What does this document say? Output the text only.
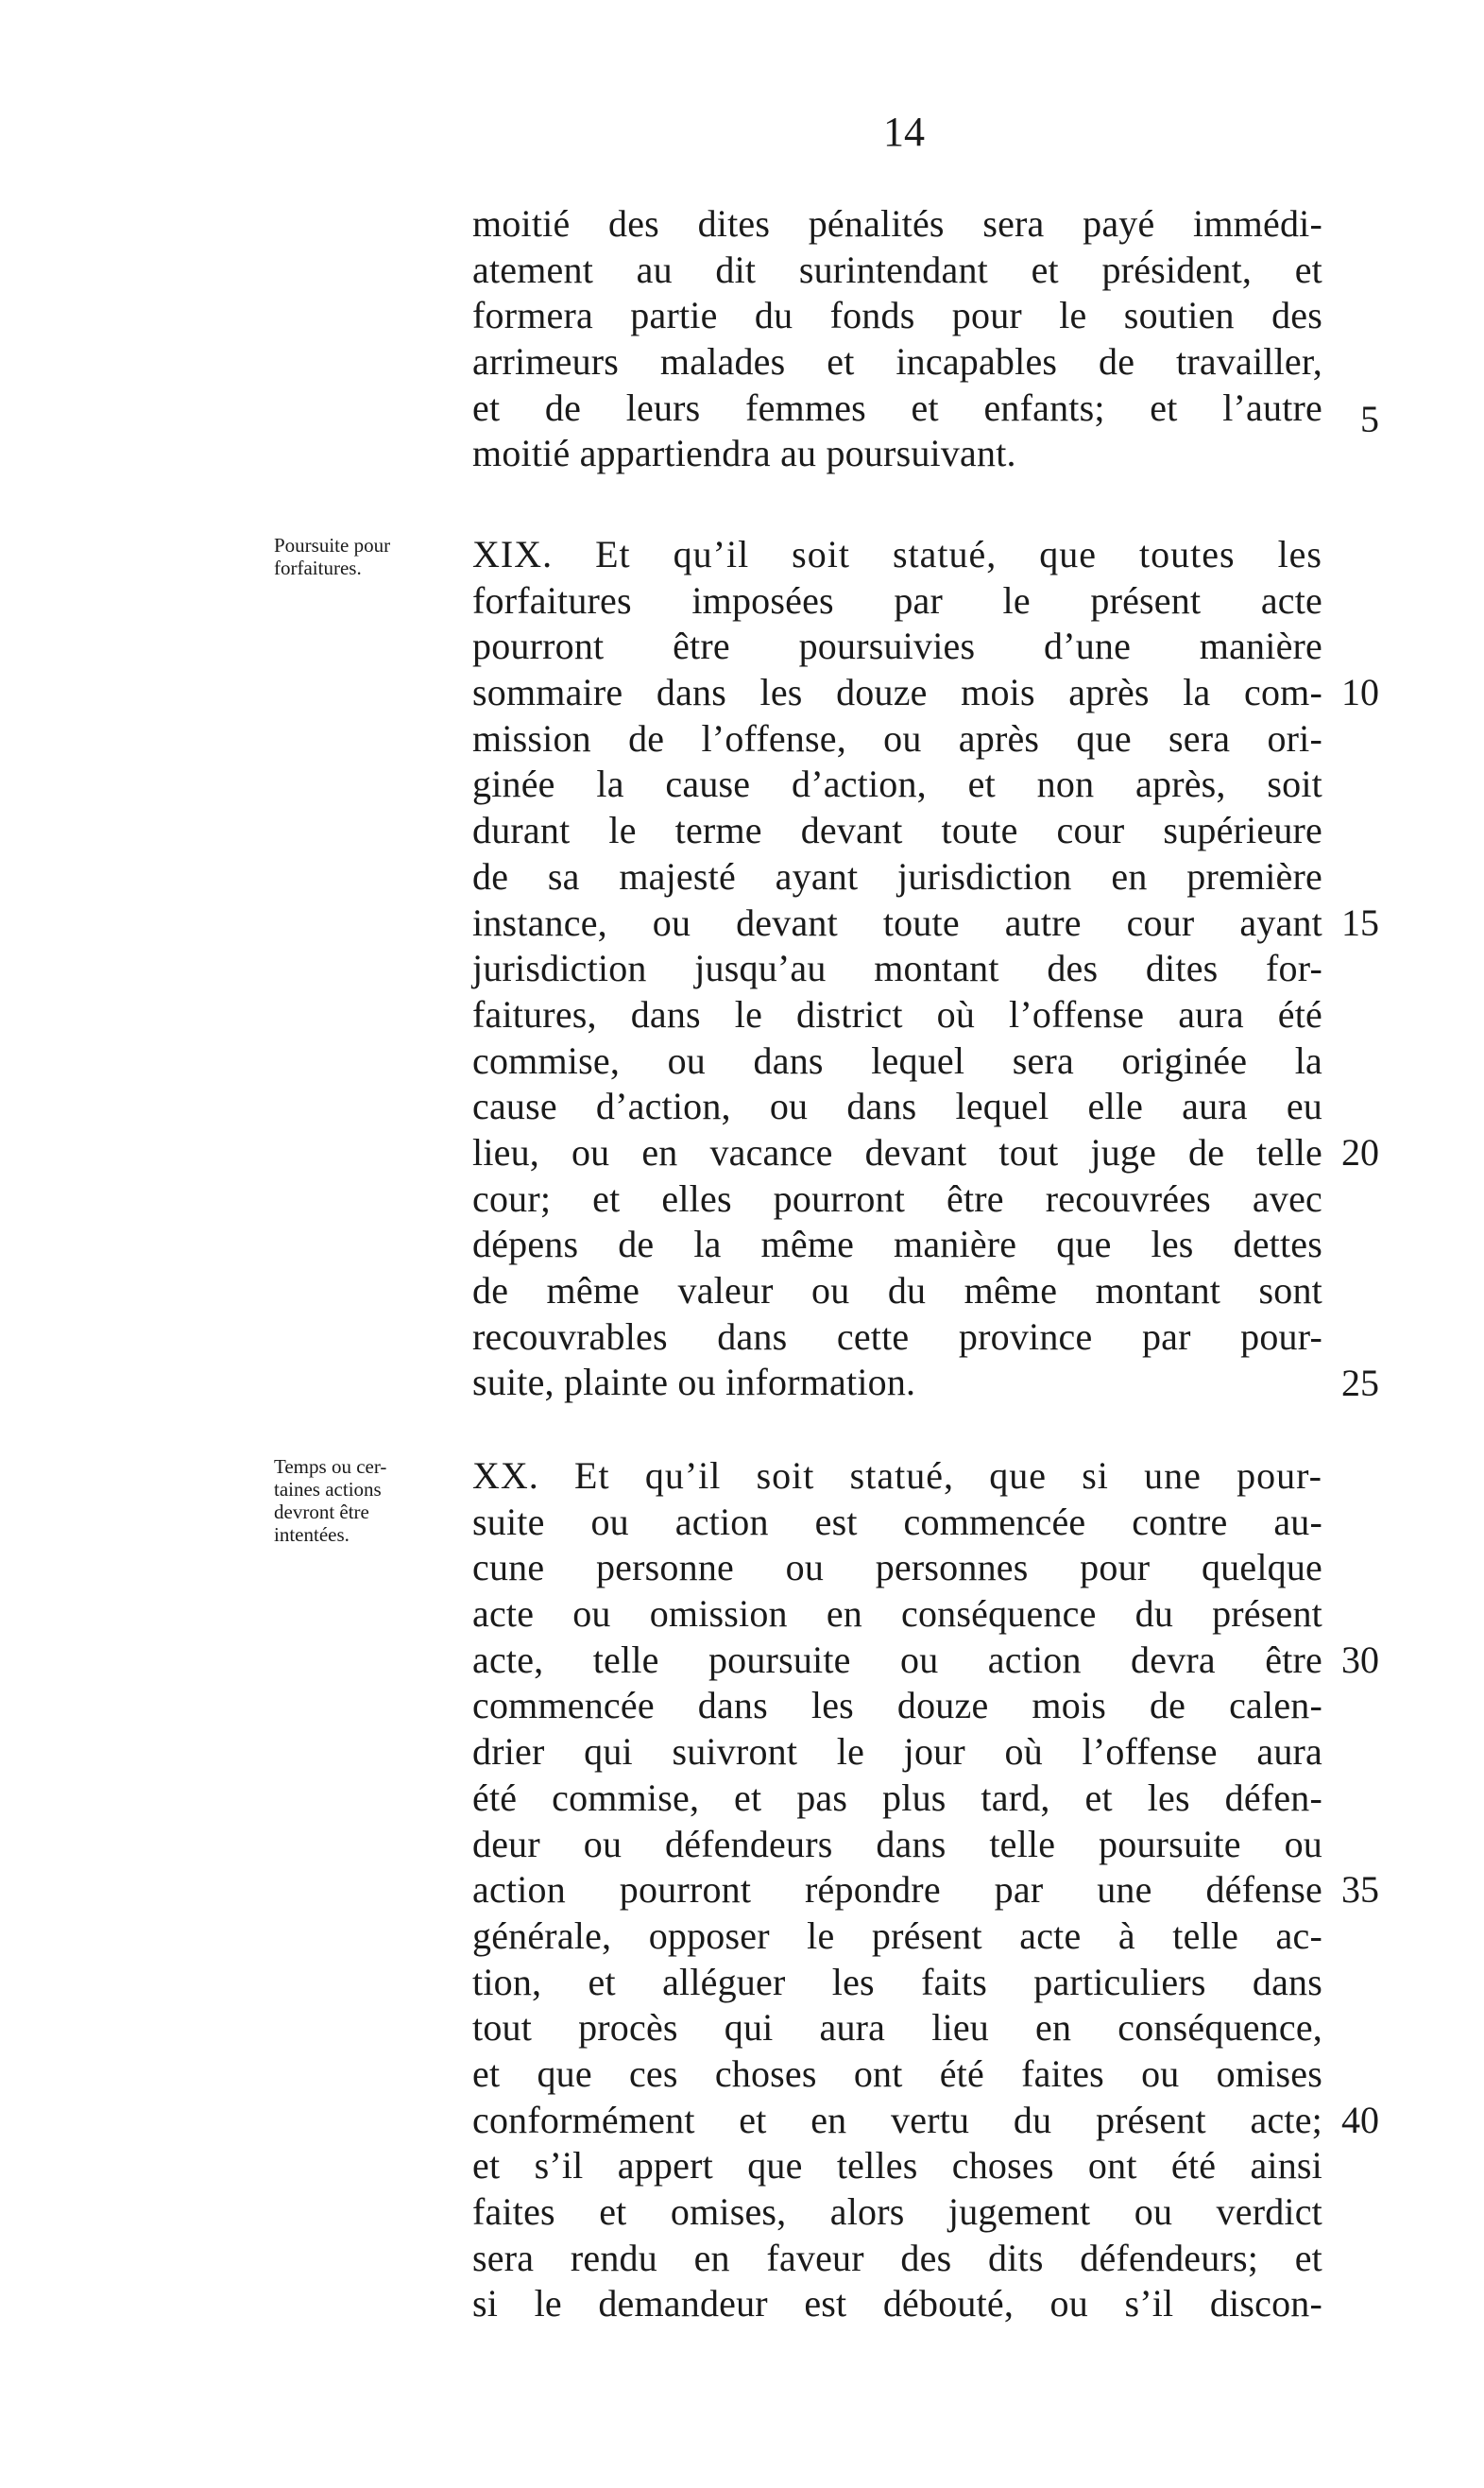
14
moitié des dites pénalités sera payé immédi-
atement au dit surintendant et président, et
formera partie du fonds pour le soutien des
arrimeurs malades et incapables de travailler,
et de leurs femmes et enfants; et l’autre
moitié appartiendra au poursuivant.
Poursuite pour
forfaitures.	XIX. Et qu’il soit statué, que toutes les
forfaitures imposées par le présent acte
pourront être poursuivies d’une manière
sommaire dans les douze mois après la com-
mission de l’offense, ou après que sera ori-
ginée la cause d’action, et non après, soit
durant le terme devant toute cour supérieure
de sa majesté ayant jurisdiction en première
instance, ou devant toute autre cour ayant
jurisdiction jusqu’au montant des dites for-
faitures, dans le district où l’offense aura été
commise, ou dans lequel sera originée la
cause d’action, ou dans lequel elle aura eu
lieu, ou en vacance devant tout juge de telle
cour; et elles pourront être recouvrées avec
dépens de la même manière que les dettes
de même valeur ou du même montant sont
recouvrables dans cette province par pour-
suite, plainte ou information.
Temps ou cer-
taines actions
devront être
intentées.
XX. Et qu’il soit statué, que si une pour-
suite ou action est commencée contre au-
cune personne ou personnes pour quelque
acte ou omission en conséquence du présent
acte, telle poursuite ou action devra être
commencée dans les douze mois de calen-
drier qui suivront le jour où l’offense aura
été commise, et pas plus tard, et les défen-
deur ou défendeurs dans telle poursuite ou
action pourront répondre par une défense
générale, opposer le présent acte à telle ac-
tion, et alléguer les faits particuliers dans
tout procès qui aura lieu en conséquence,
et que ces choses ont été faites ou omises
conformément et en vertu du présent acte;
et s’il appert que telles choses ont été ainsi
faites et omises, alors jugement ou verdict
sera rendu en faveur des dits défendeurs; et
si le demandeur est débouté, ou s’il discon-
5
10
15
20
25
30
35
40
